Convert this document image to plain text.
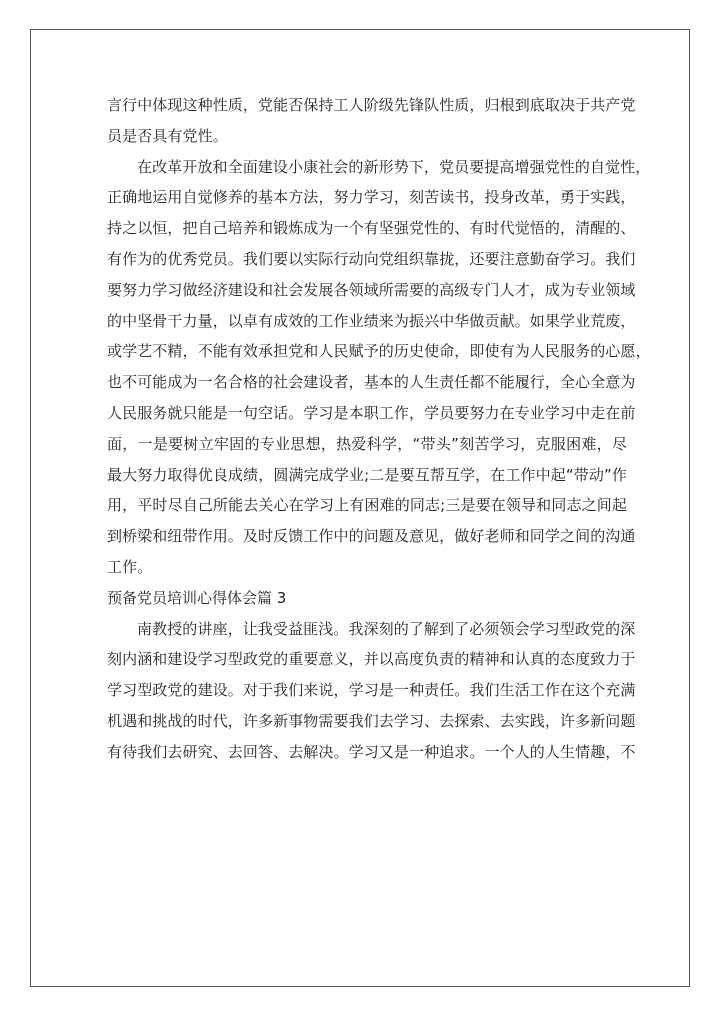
言行中体现这种性质，党能否保持工人阶级先锋队性质，归根到底取决于共产党
员是否具有党性。
在改革开放和全面建设小康社会的新形势下，党员要提高增强党性的自觉性，
正确地运用自觉修养的基本方法，努力学习，刻苦读书，投身改革，勇于实践，
持之以恒，把自己培养和锻炼成为一个有坚强党性的、有时代觉悟的，清醒的、
有作为的优秀党员。我们要以实际行动向党组织靠拢，还要注意勤奋学习。我们
要努力学习做经济建设和社会发展各领域所需要的高级专门人才，成为专业领域
的中坚骨干力量，以卓有成效的工作业绩来为振兴中华做贡献。如果学业荒废，
或学艺不精，不能有效承担党和人民赋予的历史使命，即使有为人民服务的心愿，
也不可能成为一名合格的社会建设者，基本的人生责任都不能履行，全心全意为
人民服务就只能是一句空话。学习是本职工作，学员要努力在专业学习中走在前
面，一是要树立牢固的专业思想，热爱科学，“带头”刻苦学习，克服困难，尽
最大努力取得优良成绩，圆满完成学业;二是要互帮互学，在工作中起“带动”作
用，平时尽自己所能去关心在学习上有困难的同志;三是要在领导和同志之间起
到桥梁和纽带作用。及时反馈工作中的问题及意见，做好老师和同学之间的沟通
工作。
预备党员培训心得体会篇 3
南教授的讲座，让我受益匪浅。我深刻的了解到了必须领会学习型政党的深
刻内涵和建设学习型政党的重要意义，并以高度负责的精神和认真的态度致力于
学习型政党的建设。对于我们来说，学习是一种责任。我们生活工作在这个充满
机遇和挑战的时代，许多新事物需要我们去学习、去探索、去实践，许多新问题
有待我们去研究、去回答、去解决。学习又是一种追求。一个人的人生情趣，不
